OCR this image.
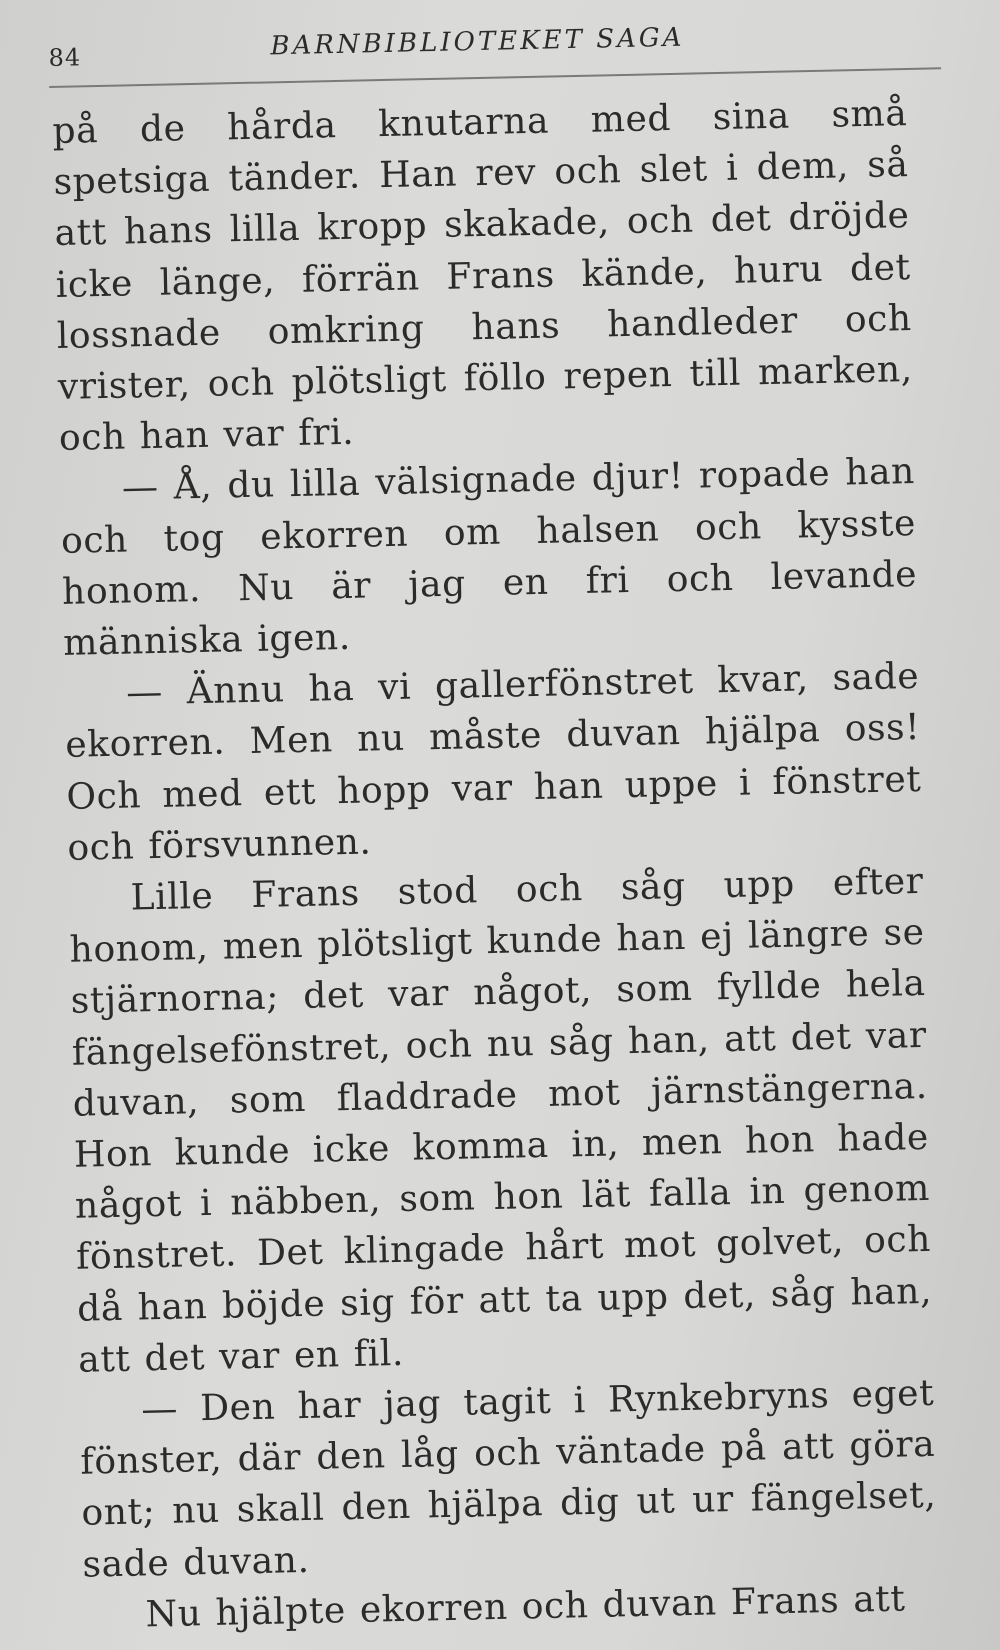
84	BARNBIBLIOTEKET SAGA

på de hårda knutarna med sina små spetsiga tänder. Han rev och slet i dem, så att hans lilla kropp skakade, och det dröjde icke länge, förrän Frans kände, huru det lossnade omkring hans handleder och vrister, och plötsligt föllo repen till marken, och han var fri.

— Å, du lilla välsignade djur! ropade han och tog ekorren om halsen och kysste honom. Nu är jag en fri och levande människa igen.

— Ännu ha vi gallerfönstret kvar, sade ekorren. Men nu måste duvan hjälpa oss! Och med ett hopp var han uppe i fönstret och försvunnen.

Lille Frans stod och såg upp efter honom, men plötsligt kunde han ej längre se stjärnorna; det var något, som fyllde hela fängelsefönstret, och nu såg han, att det var duvan, som fladdrade mot järnstängerna. Hon kunde icke komma in, men hon hade något i näbben, som hon lät falla in genom fönstret. Det klingade hårt mot golvet, och då han böjde sig för att ta upp det, såg han, att det var en fil.

— Den har jag tagit i Rynkebryns eget fönster, där den låg och väntade på att göra ont; nu skall den hjälpa dig ut ur fängelset, sade duvan.

Nu hjälpte ekorren och duvan Frans att
